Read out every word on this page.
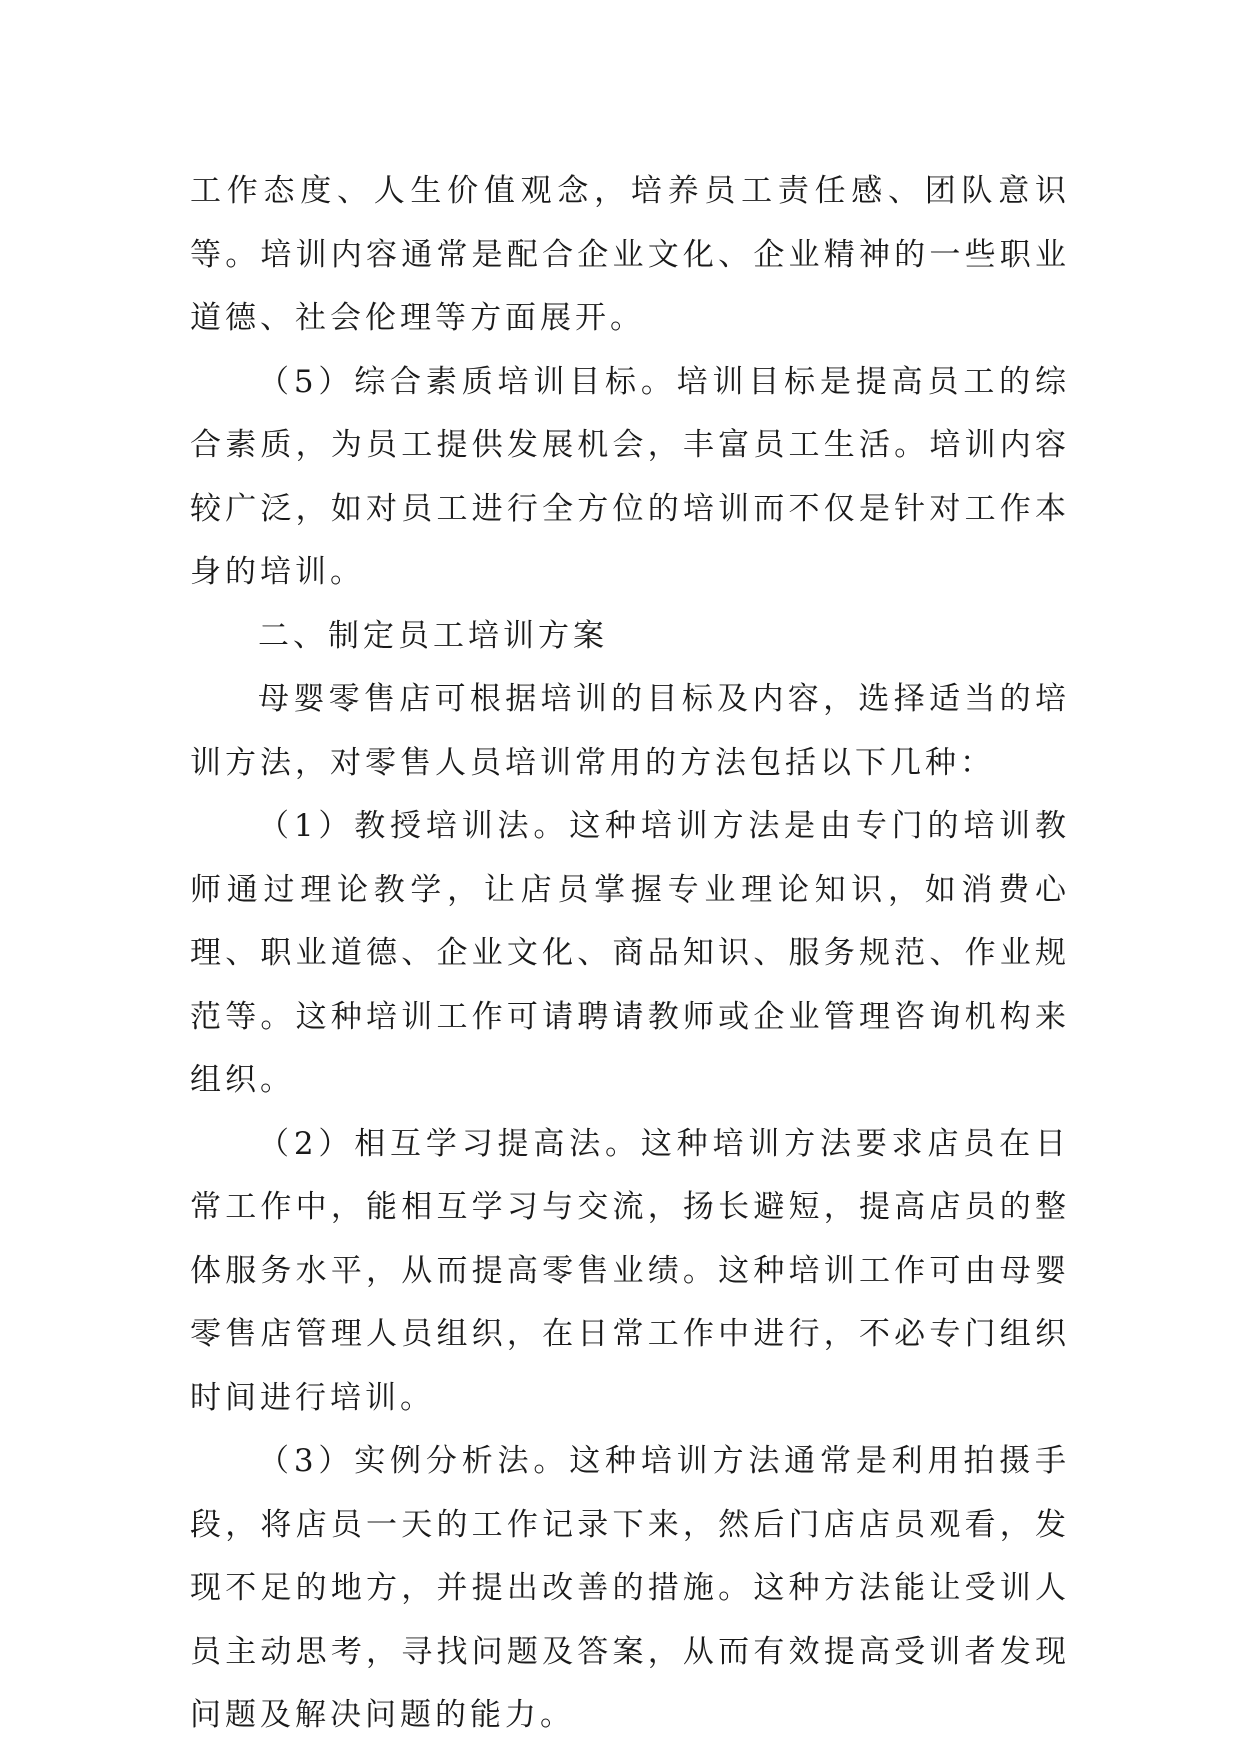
工作态度、人生价值观念，培养员工责任感、团队意识等。培训内容通常是配合企业文化、企业精神的一些职业道德、社会伦理等方面展开。

（5）综合素质培训目标。培训目标是提高员工的综合素质，为员工提供发展机会，丰富员工生活。培训内容较广泛，如对员工进行全方位的培训而不仅是针对工作本身的培训。

二、制定员工培训方案

母婴零售店可根据培训的目标及内容，选择适当的培训方法，对零售人员培训常用的方法包括以下几种：

（1）教授培训法。这种培训方法是由专门的培训教师通过理论教学，让店员掌握专业理论知识，如消费心理、职业道德、企业文化、商品知识、服务规范、作业规范等。这种培训工作可请聘请教师或企业管理咨询机构来组织。

（2）相互学习提高法。这种培训方法要求店员在日常工作中，能相互学习与交流，扬长避短，提高店员的整体服务水平，从而提高零售业绩。这种培训工作可由母婴零售店管理人员组织，在日常工作中进行，不必专门组织时间进行培训。

（3）实例分析法。这种培训方法通常是利用拍摄手段，将店员一天的工作记录下来，然后门店店员观看，发现不足的地方，并提出改善的措施。这种方法能让受训人员主动思考，寻找问题及答案，从而有效提高受训者发现问题及解决问题的能力。
